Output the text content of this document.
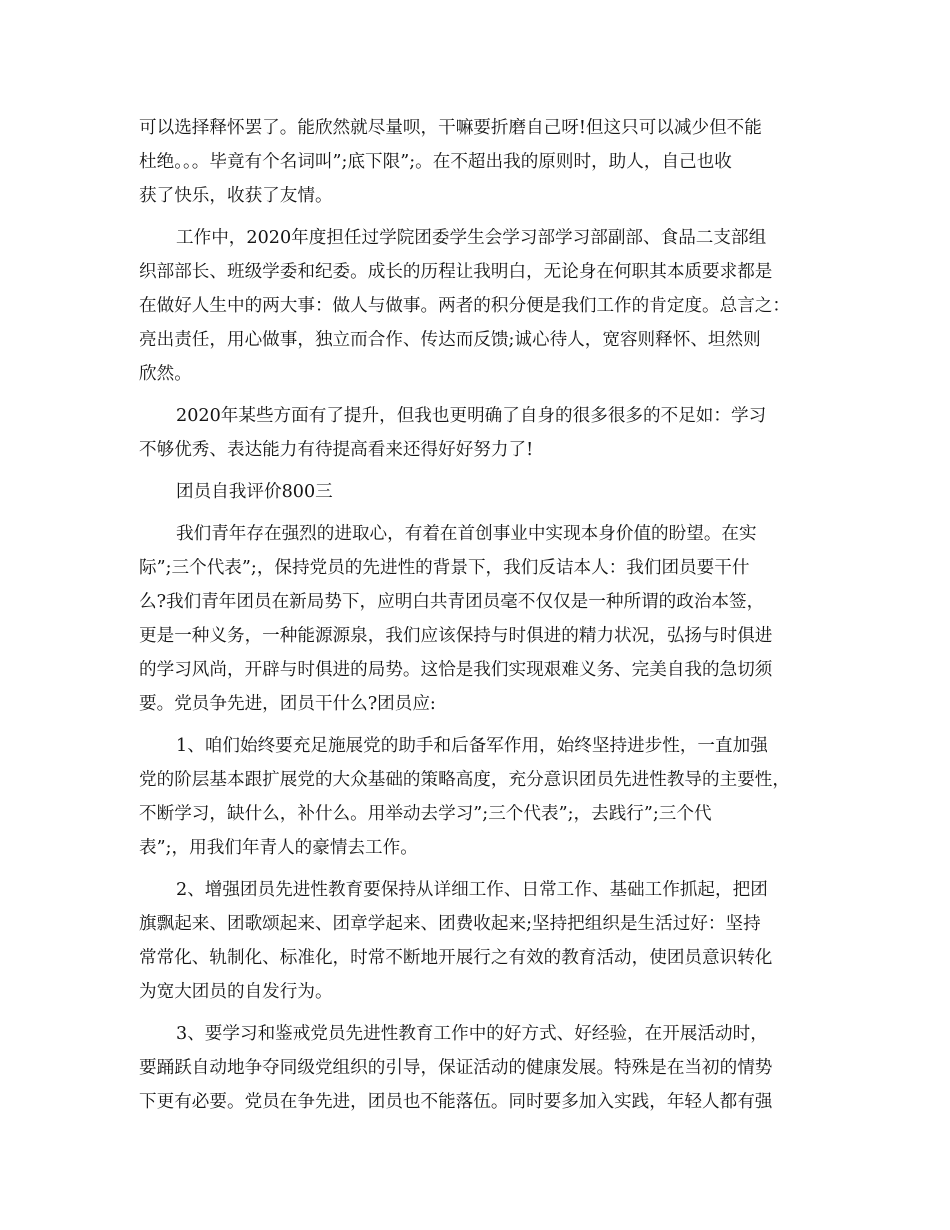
可以选择释怀罢了。能欣然就尽量呗，干嘛要折磨自己呀!但这只可以减少但不能

杜绝。。。毕竟有个名词叫”;底下限”;。在不超出我的原则时，助人，自己也收

获了快乐，收获了友情。

工作中，2020年度担任过学院团委学生会学习部学习部副部、食品二支部组

织部部长、班级学委和纪委。成长的历程让我明白，无论身在何职其本质要求都是

在做好人生中的两大事：做人与做事。两者的积分便是我们工作的肯定度。总言之：

亮出责任，用心做事，独立而合作、传达而反馈;诚心待人，宽容则释怀、坦然则

欣然。

2020年某些方面有了提升，但我也更明确了自身的很多很多的不足如：学习

不够优秀、表达能力有待提高看来还得好好努力了!

团员自我评价800三

我们青年存在强烈的进取心，有着在首创事业中实现本身价值的盼望。在实

际”;三个代表”;，保持党员的先进性的背景下，我们反诘本人：我们团员要干什

么?我们青年团员在新局势下，应明白共青团员毫不仅仅是一种所谓的政治本签，

更是一种义务，一种能源源泉，我们应该保持与时俱进的精力状况，弘扬与时俱进

的学习风尚，开辟与时俱进的局势。这恰是我们实现艰难义务、完美自我的急切须

要。党员争先进，团员干什么?团员应:

1、咱们始终要充足施展党的助手和后备军作用，始终坚持进步性，一直加强

党的阶层基本跟扩展党的大众基础的策略高度，充分意识团员先进性教导的主要性，

不断学习，缺什么，补什么。用举动去学习”;三个代表”;，去践行”;三个代

表”;，用我们年青人的豪情去工作。

2、增强团员先进性教育要保持从详细工作、日常工作、基础工作抓起，把团

旗飘起来、团歌颂起来、团章学起来、团费收起来;坚持把组织是生活过好：坚持

常常化、轨制化、标准化，时常不断地开展行之有效的教育活动，使团员意识转化

为宽大团员的自发行为。

3、要学习和鉴戒党员先进性教育工作中的好方式、好经验，在开展活动时，

要踊跃自动地争夺同级党组织的引导，保证活动的健康发展。特殊是在当初的情势

下更有必要。党员在争先进，团员也不能落伍。同时要多加入实践，年轻人都有强
